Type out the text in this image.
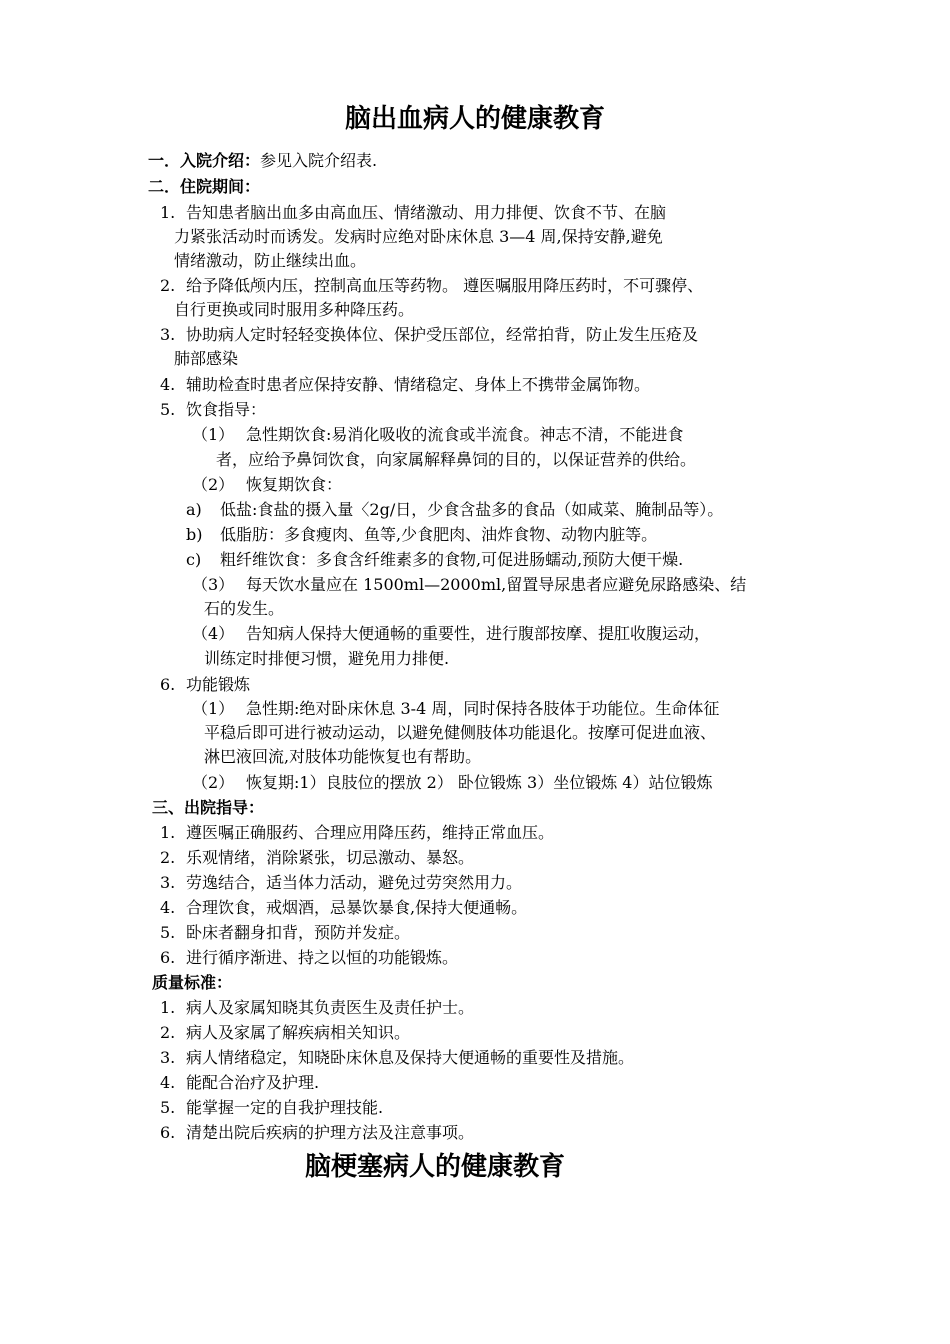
脑出血病人的健康教育
一．入院介绍：参见入院介绍表.
二．住院期间：
1. 告知患者脑出血多由高血压、情绪激动、用力排便、饮食不节、在脑
力紧张活动时而诱发。发病时应绝对卧床休息 3—4 周,保持安静,避免
情绪激动，防止继续出血。
2. 给予降低颅内压，控制高血压等药物。 遵医嘱服用降压药时，不可骤停、
自行更换或同时服用多种降压药。
3. 协助病人定时轻轻变换体位、保护受压部位，经常拍背，防止发生压疮及
肺部感染
4. 辅助检查时患者应保持安静、情绪稳定、身体上不携带金属饰物。
5. 饮食指导：
（1） 急性期饮食:易消化吸收的流食或半流食。神志不清，不能进食
者，应给予鼻饲饮食，向家属解释鼻饲的目的，以保证营养的供给。
（2） 恢复期饮食：
a) 低盐:食盐的摄入量〈2g/日，少食含盐多的食品（如咸菜、腌制品等）。
b) 低脂肪：多食瘦肉、鱼等,少食肥肉、油炸食物、动物内脏等。
c) 粗纤维饮食：多食含纤维素多的食物,可促进肠蠕动,预防大便干燥.
（3） 每天饮水量应在 1500ml—2000ml,留置导尿患者应避免尿路感染、结
石的发生。
（4） 告知病人保持大便通畅的重要性，进行腹部按摩、提肛收腹运动，
训练定时排便习惯，避免用力排便.
6. 功能锻炼
（1） 急性期:绝对卧床休息 3-4 周，同时保持各肢体于功能位。生命体征
平稳后即可进行被动运动，以避免健侧肢体功能退化。按摩可促进血液、
淋巴液回流,对肢体功能恢复也有帮助。
（2） 恢复期:1）良肢位的摆放 2） 卧位锻炼 3）坐位锻炼 4）站位锻炼
三、出院指导：
1. 遵医嘱正确服药、合理应用降压药，维持正常血压。
2. 乐观情绪，消除紧张，切忌激动、暴怒。
3. 劳逸结合，适当体力活动，避免过劳突然用力。
4. 合理饮食，戒烟酒，忌暴饮暴食,保持大便通畅。
5. 卧床者翻身扣背，预防并发症。
6. 进行循序渐进、持之以恒的功能锻炼。
质量标准：
1. 病人及家属知晓其负责医生及责任护士。
2. 病人及家属了解疾病相关知识。
3. 病人情绪稳定，知晓卧床休息及保持大便通畅的重要性及措施。
4. 能配合治疗及护理.
5. 能掌握一定的自我护理技能.
6. 清楚出院后疾病的护理方法及注意事项。
脑梗塞病人的健康教育
